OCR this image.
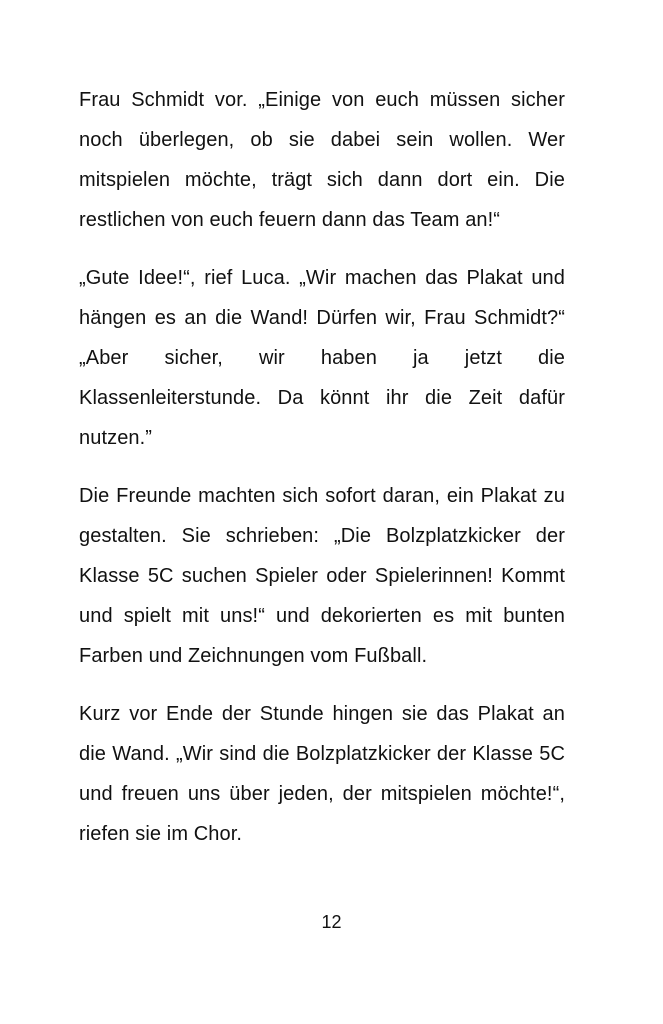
Frau Schmidt vor. „Einige von euch müssen sicher noch überlegen, ob sie dabei sein wollen. Wer mitspielen möchte, trägt sich dann dort ein. Die restlichen von euch feuern dann das Team an!“

„Gute Idee!“, rief Luca. „Wir machen das Plakat und hängen es an die Wand! Dürfen wir, Frau Schmidt?“ „Aber sicher, wir haben ja jetzt die Klassenleiterstunde. Da könnt ihr die Zeit dafür nutzen.”

Die Freunde machten sich sofort daran, ein Plakat zu gestalten. Sie schrieben: „Die Bolzplatzkicker der Klasse 5C suchen Spieler oder Spielerinnen! Kommt und spielt mit uns!“ und dekorierten es mit bunten Farben und Zeichnungen vom Fußball.

Kurz vor Ende der Stunde hingen sie das Plakat an die Wand. „Wir sind die Bolzplatzkicker der Klasse 5C und freuen uns über jeden, der mitspielen möchte!“, riefen sie im Chor.

12
